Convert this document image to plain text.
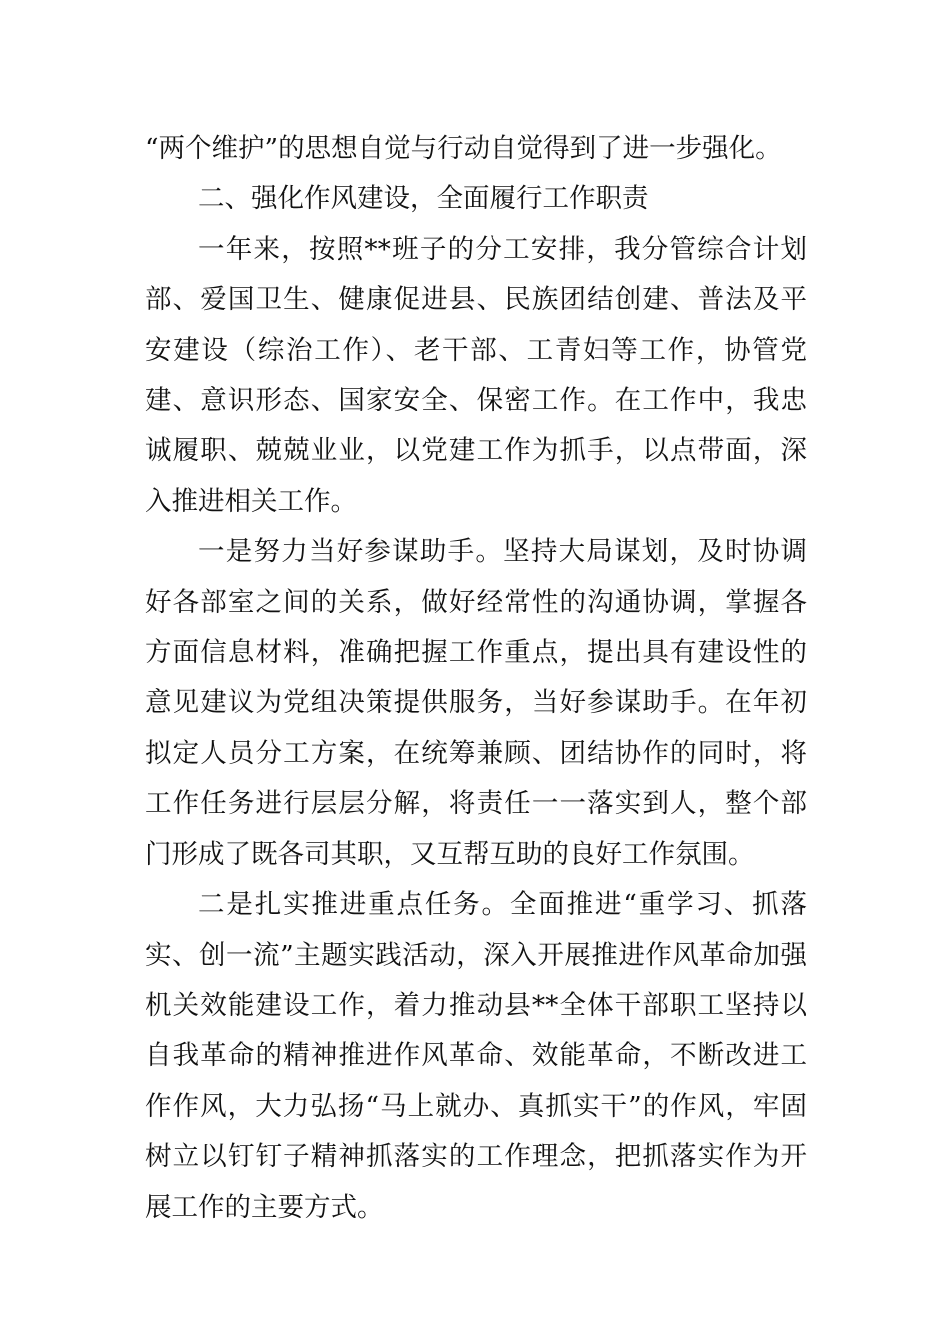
“两个维护”的思想自觉与行动自觉得到了进一步强化。

二、强化作风建设，全面履行工作职责

一年来，按照**班子的分工安排，我分管综合计划部、爱国卫生、健康促进县、民族团结创建、普法及平安建设（综治工作）、老干部、工青妇等工作，协管党建、意识形态、国家安全、保密工作。在工作中，我忠诚履职、兢兢业业，以党建工作为抓手，以点带面，深入推进相关工作。

一是努力当好参谋助手。坚持大局谋划，及时协调好各部室之间的关系，做好经常性的沟通协调，掌握各方面信息材料，准确把握工作重点，提出具有建设性的意见建议为党组决策提供服务，当好参谋助手。在年初拟定人员分工方案，在统筹兼顾、团结协作的同时，将工作任务进行层层分解，将责任一一落实到人，整个部门形成了既各司其职，又互帮互助的良好工作氛围。

二是扎实推进重点任务。全面推进“重学习、抓落实、创一流”主题实践活动，深入开展推进作风革命加强机关效能建设工作，着力推动县**全体干部职工坚持以自我革命的精神推进作风革命、效能革命，不断改进工作作风，大力弘扬“马上就办、真抓实干”的作风，牢固树立以钉钉子精神抓落实的工作理念，把抓落实作为开展工作的主要方式。
